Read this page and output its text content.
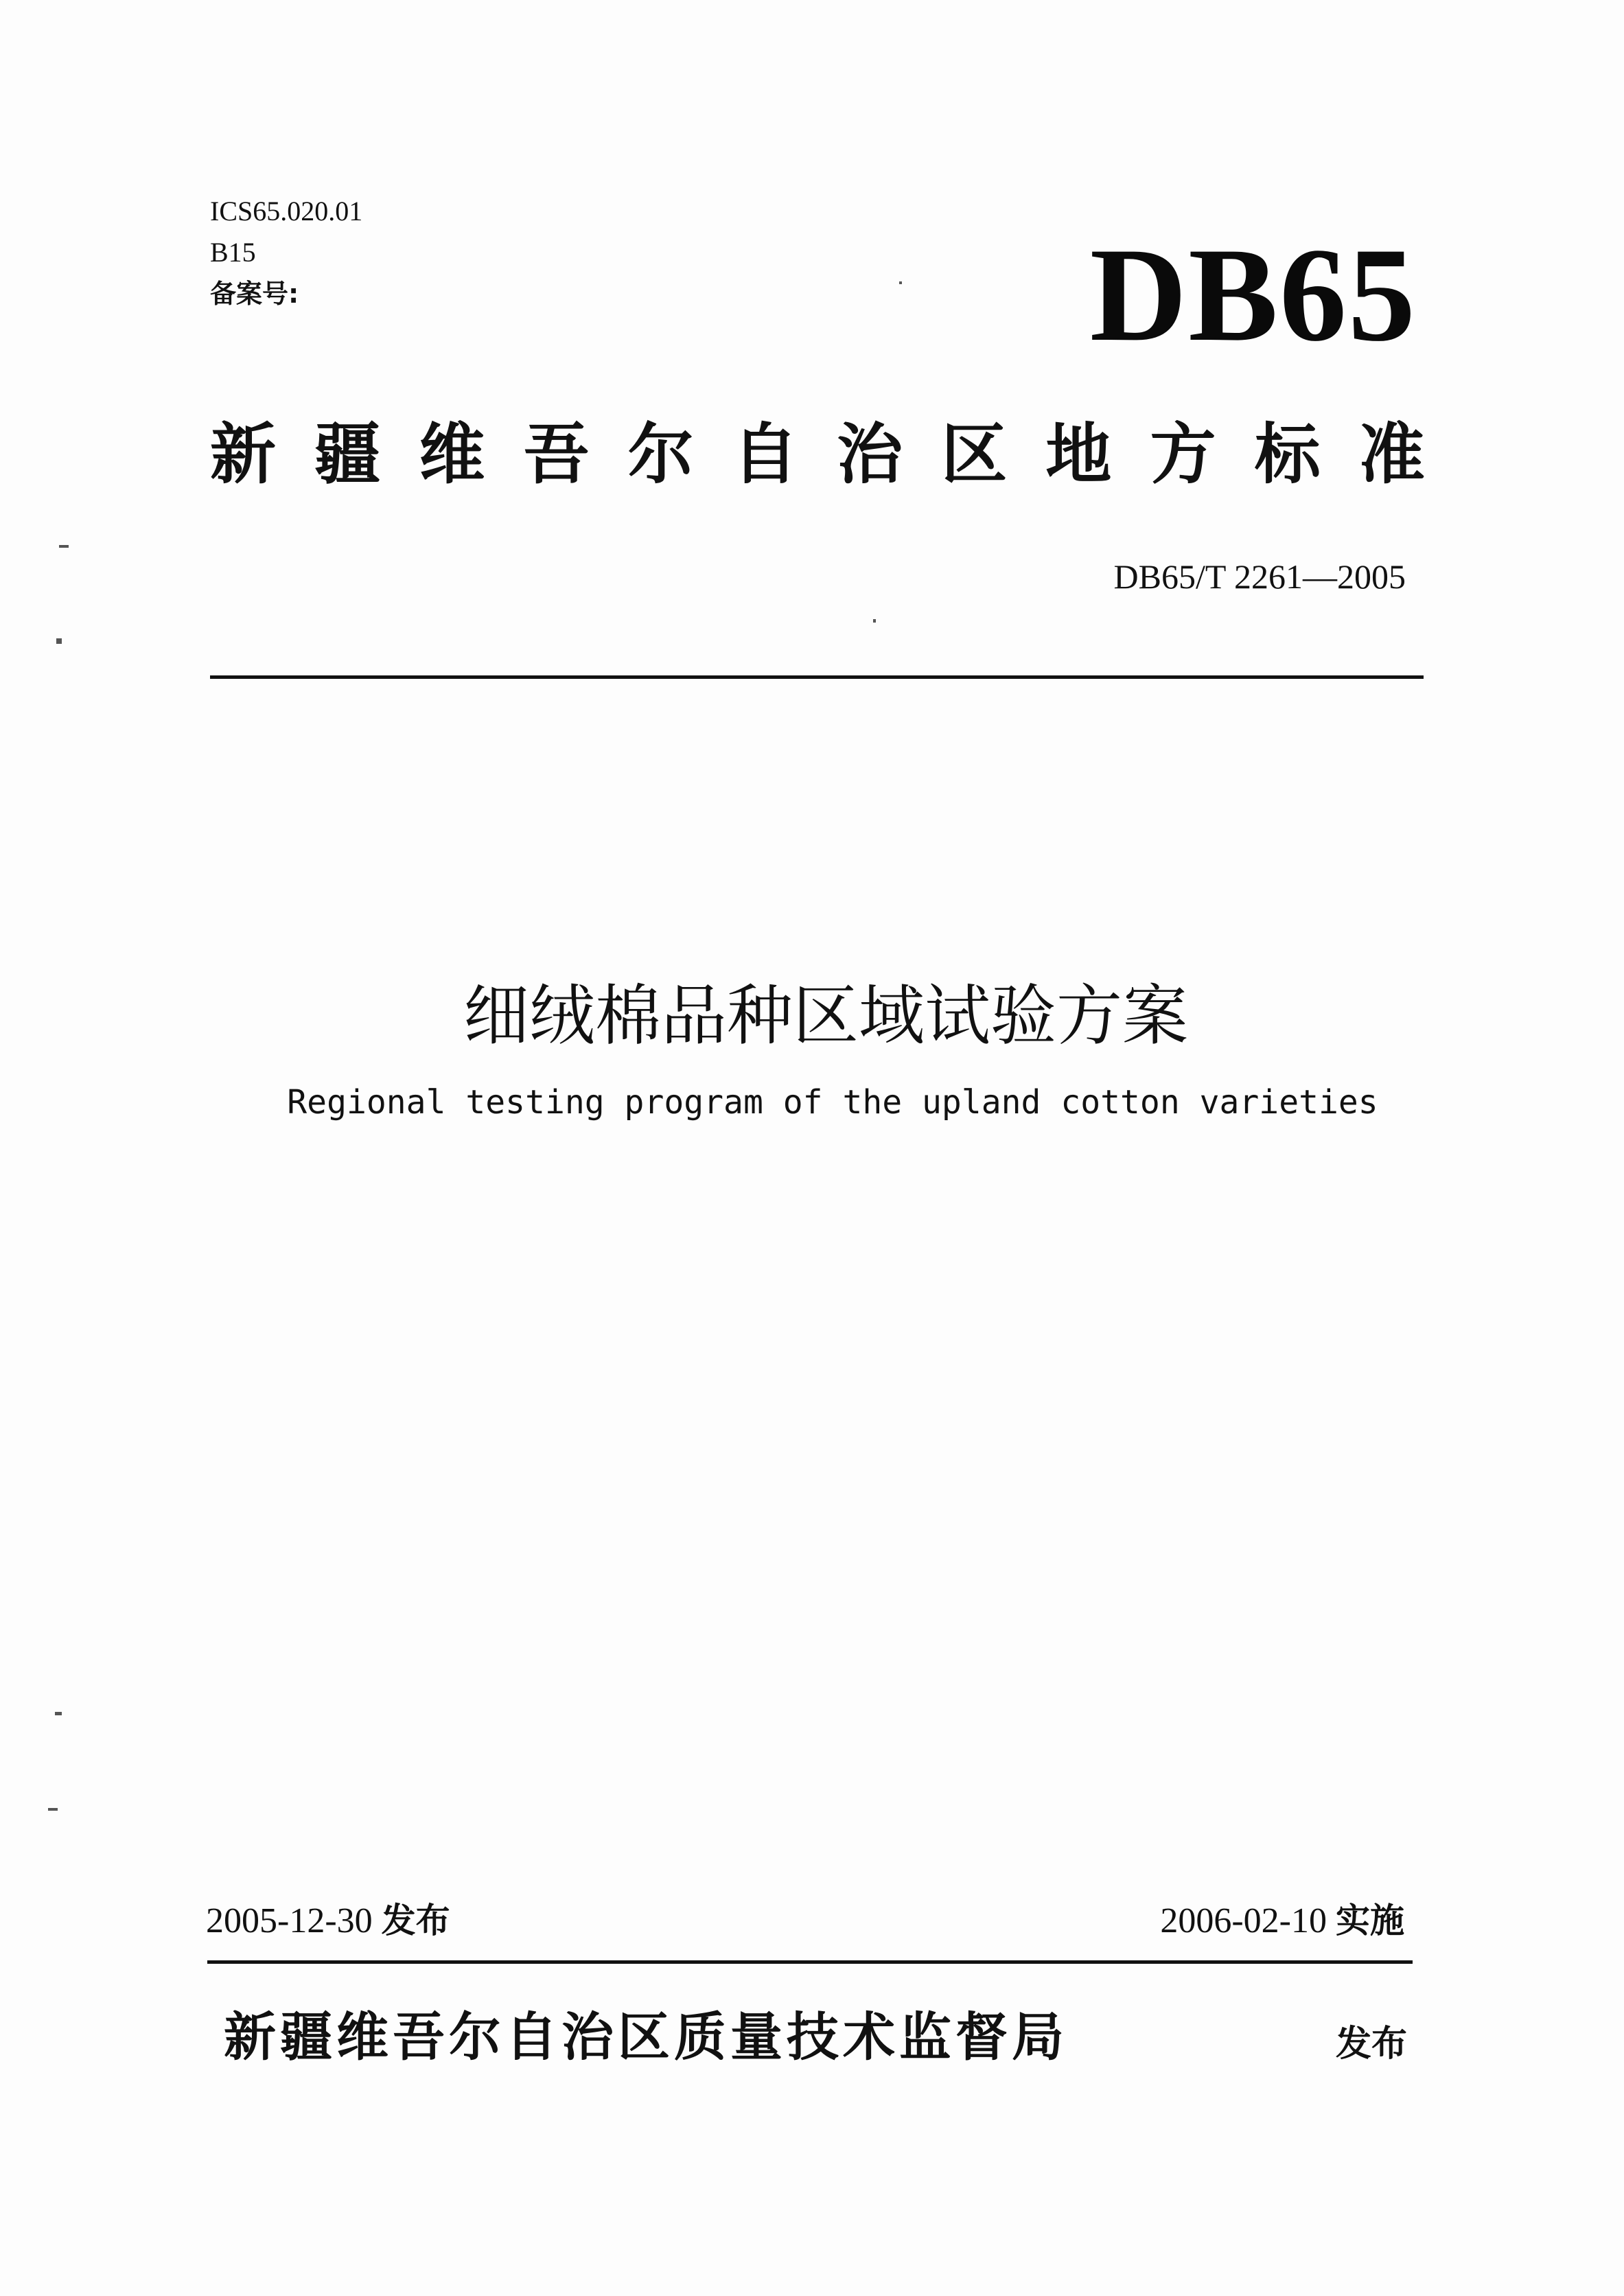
ICS65.020.01
B15
备案号:	DB65
新 疆 维 吾 尔 自 治 区 地 方 标 准
DB65/T 2261—2005
细绒棉品种区域试验方案
Regional testing program of the upland cotton varieties
2005-12-30 发布	2006-02-10 实施
新疆维吾尔自治区质量技术监督局	发布
